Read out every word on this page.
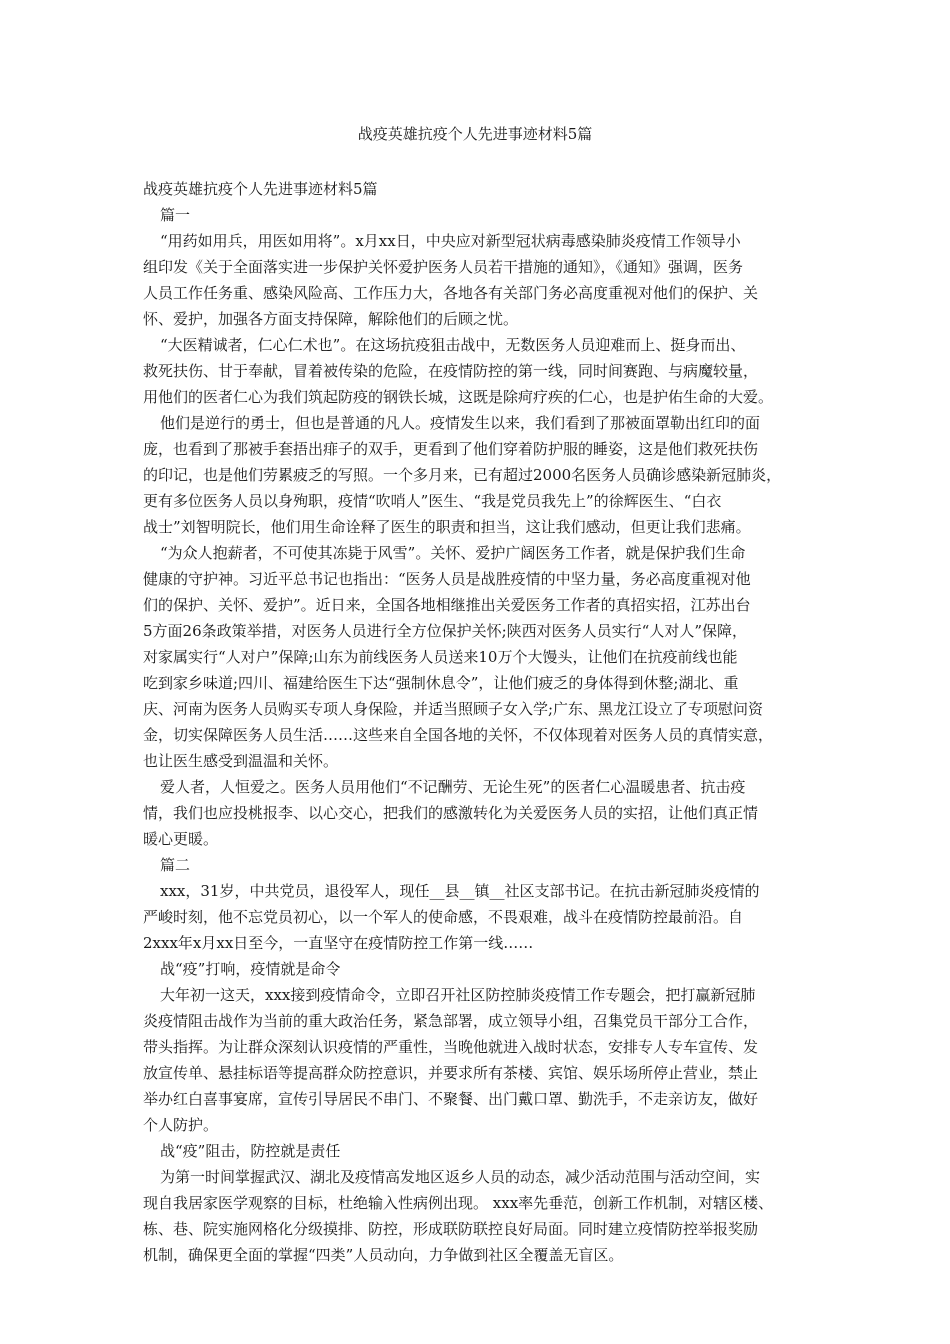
战疫英雄抗疫个人先进事迹材料5篇
战疫英雄抗疫个人先进事迹材料5篇
篇一
“用药如用兵，用医如用将”。x月xx日，中央应对新型冠状病毒感染肺炎疫情工作领导小
组印发《关于全面落实进一步保护关怀爱护医务人员若干措施的通知》，《通知》强调，医务
人员工作任务重、感染风险高、工作压力大，各地各有关部门务必高度重视对他们的保护、关
怀、爱护，加强各方面支持保障，解除他们的后顾之忧。
“大医精诚者，仁心仁术也”。在这场抗疫狙击战中，无数医务人员迎难而上、挺身而出、
救死扶伤、甘于奉献，冒着被传染的危险，在疫情防控的第一线，同时间赛跑、与病魔较量，
用他们的医者仁心为我们筑起防疫的钢铁长城，这既是除疴疗疾的仁心，也是护佑生命的大爱。
他们是逆行的勇士，但也是普通的凡人。疫情发生以来，我们看到了那被面罩勒出红印的面
庞，也看到了那被手套捂出痱子的双手，更看到了他们穿着防护服的睡姿，这是他们救死扶伤
的印记，也是他们劳累疲乏的写照。一个多月来，已有超过2000名医务人员确诊感染新冠肺炎，
更有多位医务人员以身殉职，疫情“吹哨人”医生、“我是党员我先上”的徐辉医生、“白衣
战士”刘智明院长，他们用生命诠释了医生的职责和担当，这让我们感动，但更让我们悲痛。
“为众人抱薪者，不可使其冻毙于风雪”。关怀、爱护广阔医务工作者，就是保护我们生命
健康的守护神。习近平总书记也指出：“医务人员是战胜疫情的中坚力量，务必高度重视对他
们的保护、关怀、爱护”。近日来，全国各地相继推出关爱医务工作者的真招实招，江苏出台
5方面26条政策举措，对医务人员进行全方位保护关怀;陕西对医务人员实行“人对人”保障，
对家属实行“人对户”保障;山东为前线医务人员送来10万个大馒头，让他们在抗疫前线也能
吃到家乡味道;四川、福建给医生下达“强制休息令”，让他们疲乏的身体得到休整;湖北、重
庆、河南为医务人员购买专项人身保险，并适当照顾子女入学;广东、黑龙江设立了专项慰问资
金，切实保障医务人员生活……这些来自全国各地的关怀，不仅体现着对医务人员的真情实意，
也让医生感受到温温和关怀。
爱人者，人恒爱之。医务人员用他们“不记酬劳、无论生死”的医者仁心温暖患者、抗击疫
情，我们也应投桃报李、以心交心，把我们的感激转化为关爱医务人员的实招，让他们真正情
暖心更暖。
篇二
xxx，31岁，中共党员，退役军人，现任__县__镇__社区支部书记。在抗击新冠肺炎疫情的
严峻时刻，他不忘党员初心，以一个军人的使命感，不畏艰难，战斗在疫情防控最前沿。自
2xxx年x月xx日至今，一直坚守在疫情防控工作第一线……
战“疫”打响，疫情就是命令
大年初一这天，xxx接到疫情命令，立即召开社区防控肺炎疫情工作专题会，把打赢新冠肺
炎疫情阻击战作为当前的重大政治任务，紧急部署，成立领导小组，召集党员干部分工合作，
带头指挥。为让群众深刻认识疫情的严重性，当晚他就进入战时状态，安排专人专车宣传、发
放宣传单、悬挂标语等提高群众防控意识，并要求所有茶楼、宾馆、娱乐场所停止营业，禁止
举办红白喜事宴席，宣传引导居民不串门、不聚餐、出门戴口罩、勤洗手，不走亲访友，做好
个人防护。
战“疫”阻击，防控就是责任
为第一时间掌握武汉、湖北及疫情高发地区返乡人员的动态，减少活动范围与活动空间，实
现自我居家医学观察的目标，杜绝输入性病例出现。 xxx率先垂范，创新工作机制，对辖区楼、
栋、巷、院实施网格化分级摸排、防控，形成联防联控良好局面。同时建立疫情防控举报奖励
机制，确保更全面的掌握“四类”人员动向，力争做到社区全覆盖无盲区。
